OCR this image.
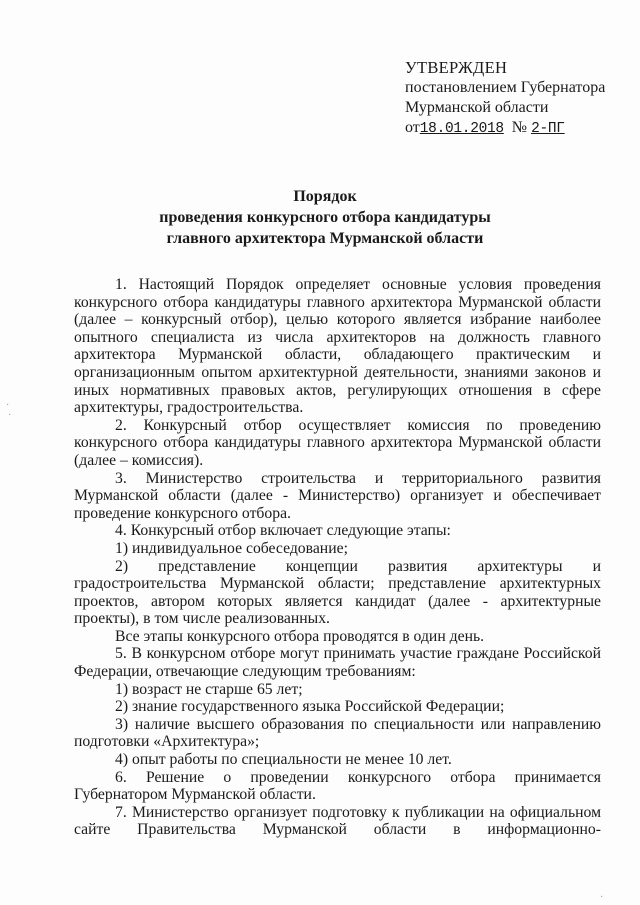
УТВЕРЖДЕН
постановлением Губернатора
Мурманской области
от18.01.2018 № 2-ПГ
Порядок
проведения конкурсного отбора кандидатуры
главного архитектора Мурманской области

1. Настоящий Порядок определяет основные условия проведения конкурсного отбора кандидатуры главного архитектора Мурманской области (далее – конкурсный отбор), целью которого является избрание наиболее опытного специалиста из числа архитекторов на должность главного архитектора Мурманской области, обладающего практическим и организационным опытом архитектурной деятельности, знаниями законов и иных нормативных правовых актов, регулирующих отношения в сфере архитектуры, градостроительства.

2. Конкурсный отбор осуществляет комиссия по проведению конкурсного отбора кандидатуры главного архитектора Мурманской области (далее – комиссия).

3. Министерство строительства и территориального развития Мурманской области (далее - Министерство) организует и обеспечивает проведение конкурсного отбора.

4. Конкурсный отбор включает следующие этапы:

1) индивидуальное собеседование;

2) представление концепции развития архитектуры и градостроительства Мурманской области; представление архитектурных проектов, автором которых является кандидат (далее - архитектурные проекты), в том числе реализованных.

Все этапы конкурсного отбора проводятся в один день.

5. В конкурсном отборе могут принимать участие граждане Российской Федерации, отвечающие следующим требованиям:

1) возраст не старше 65 лет;

2) знание государственного языка Российской Федерации;

3) наличие высшего образования по специальности или направлению подготовки «Архитектура»;

4) опыт работы по специальности не менее 10 лет.

6. Решение о проведении конкурсного отбора принимается Губернатором Мурманской области.

7. Министерство организует подготовку к публикации на официальном сайте Правительства Мурманской области в информационно-

·
·
·
